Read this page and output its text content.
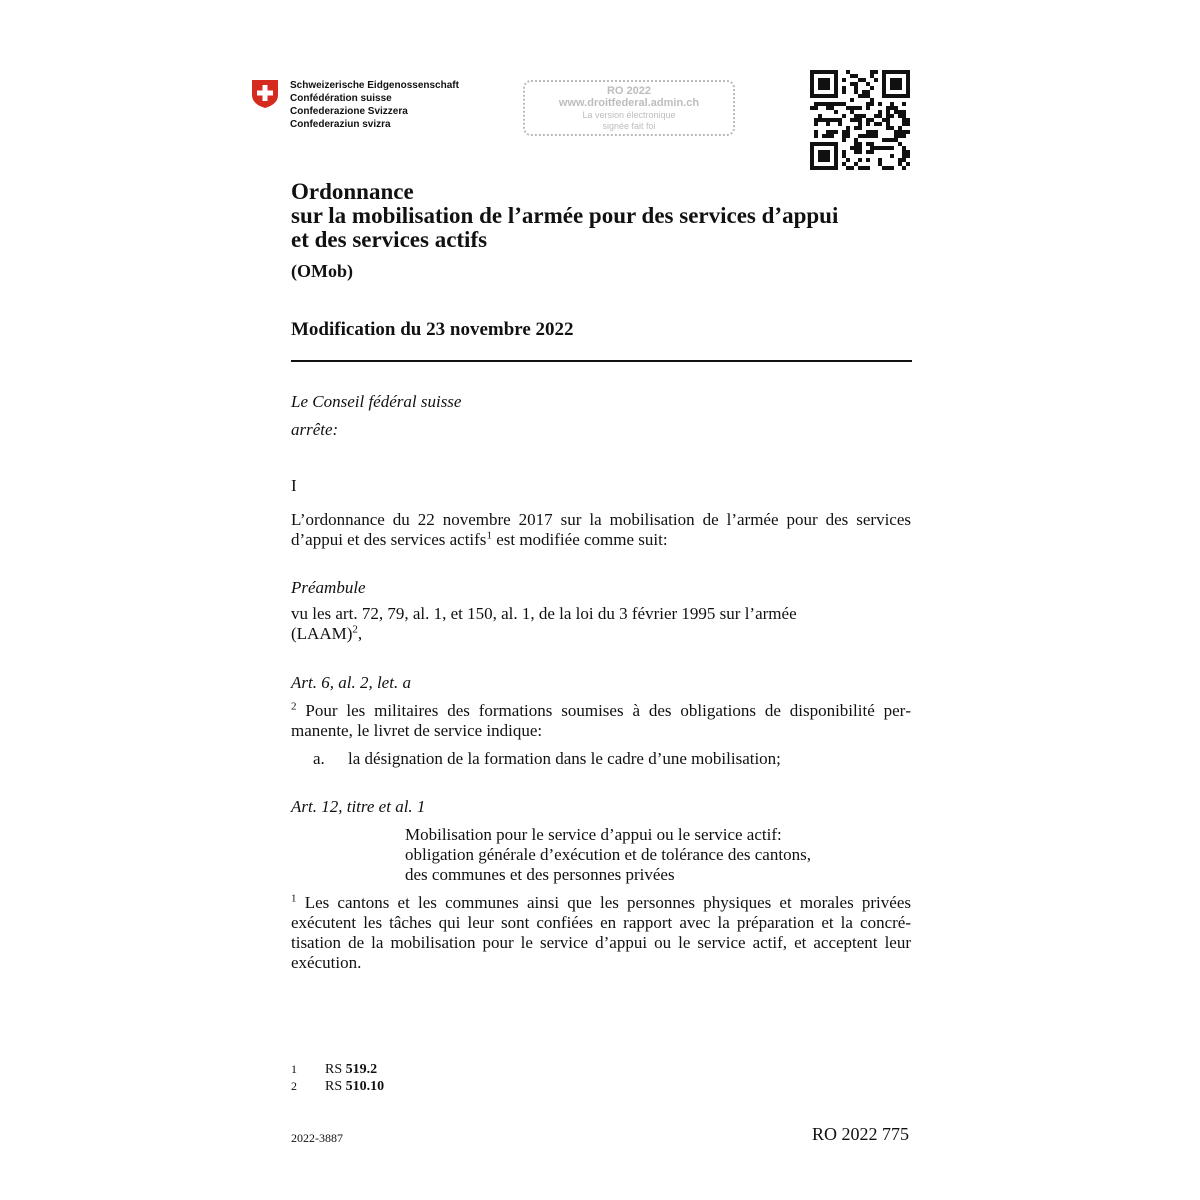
Schweizerische Eidgenossenschaft
Confédération suisse
Confederazione Svizzera
Confederaziun svizra
RO 2022
www.droitfederal.admin.ch
La version électronique
signée fait foi
Ordonnance
sur la mobilisation de l’armée pour des services d’appui
et des services actifs
(OMob)
Modification du 23 novembre 2022
Le Conseil fédéral suisse
arrête:
I
L’ordonnance du 22 novembre 2017 sur la mobilisation de l’armée pour des services d’appui et des services actifs$^1$ est modifiée comme suit:
Préambule
vu les art. 72, 79, al. 1, et 150, al. 1, de la loi du 3 février 1995 sur l’armée (LAAM)$^2$,
Art. 6, al. 2, let. a
$^2$ Pour les militaires des formations soumises à des obligations de disponibilité permanente, le livret de service indique:
a. la désignation de la formation dans le cadre d’une mobilisation;
Art. 12, titre et al. 1
Mobilisation pour le service d’appui ou le service actif:
obligation générale d’exécution et de tolérance des cantons,
des communes et des personnes privées
$^1$ Les cantons et les communes ainsi que les personnes physiques et morales privées exécutent les tâches qui leur sont confiées en rapport avec la préparation et la concrétisation de la mobilisation pour le service d’appui ou le service actif, et acceptent leur exécution.
1 RS 519.2
2 RS 510.10
2022-3887	RO 2022 775
